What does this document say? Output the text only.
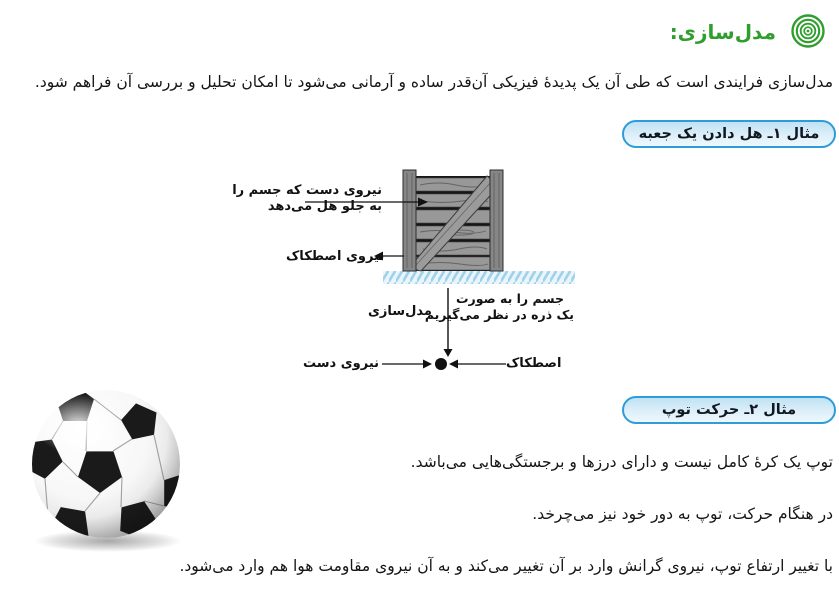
مدل‌سازی:
مدل‌سازی فرایندی است که طی آن یک پدیدۀ فیزیکی آن‌قدر ساده و آرمانی می‌شود تا امکان تحلیل و بررسی آن فراهم شود.
مثال ۱ـ هل دادن یک جعبه
نیروی دست که جسم را
به جلو هل می‌دهد
نیروی اصطکاک
مدل‌سازی
جسم را به صورت
یک ذره در نظر می‌گیریم
نیروی دست	اصطکاک
مثال ۲ـ حرکت توپ
توپ یک کرۀ کامل نیست و دارای درزها و برجستگی‌هایی می‌باشد.
در هنگام حرکت، توپ به دور خود نیز می‌چرخد.
با تغییر ارتفاع توپ، نیروی گرانش وارد بر آن تغییر می‌کند و به آن نیروی مقاومت هوا هم وارد می‌شود.
